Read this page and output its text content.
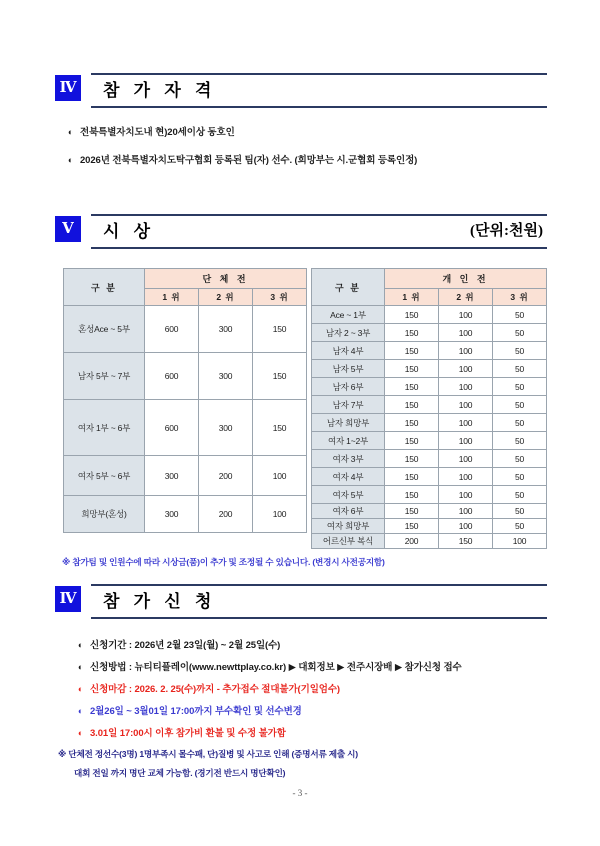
Ⅳ 참 가 자 격
◐ 전북특별자치도내 현)20세이상 동호인
◐ 2026년 전북특별자치도탁구협회 등록된 팀(자) 선수. (희망부는 시.군협회 등록인정)
Ⅴ	시 상	(단위:천원)
구 분	단 체 전		
	1 위	2 위	3 위
혼성Ace ~ 5부	600	300	150
남자 5부 ~ 7부	600	300	150
여자 1부 ~ 6부	600	300	150
여자 5부 ~ 6부	300	200	100
희망부(혼성)	300	200	100
구 분	개 인 전		
	1 위	2 위	3 위
Ace ~ 1부	150	100	50
남자 2 ~ 3부	150	100	50
남자 4부	150	100	50
남자 5부	150	100	50
남자 6부	150	100	50
남자 7부	150	100	50
남자 희망부	150	100	50
여자 1~2부	150	100	50
여자 3부	150	100	50
여자 4부	150	100	50
여자 5부	150	100	50
여자 6부	150	100	50
여자 희망부	150	100	50
어르신부 복식	200	150	100
※ 참가팀 및 인원수에 따라 시상금(품)이 추가 및 조정될 수 있습니다. (변경시 사전공지함)
Ⅳ 참 가 신 청
◐ 신청기간 : 2026년 2월 23일(월) ~ 2월 25일(수)
◐ 신청방법 : 뉴티티플레이(www.newttplay.co.kr) ▶ 대회정보 ▶ 전주시장배 ▶ 참가신청 접수
◐ 신청마감 : 2026. 2. 25(수)까지 - 추가접수 절대불가(기일엄수)
◐ 2월26일 ~ 3월01일 17:00까지 부수확인 및 선수변경
◐ 3.01일 17:00시 이후 참가비 환불 및 수정 불가함
※ 단체전 정선수(3명) 1명부족시 몰수패, 단)질병 및 사고로 인해 (증명서류 제출 시)
대회 전일 까지 명단 교체 가능함. (경기전 반드시 명단확인)
- 3 -
